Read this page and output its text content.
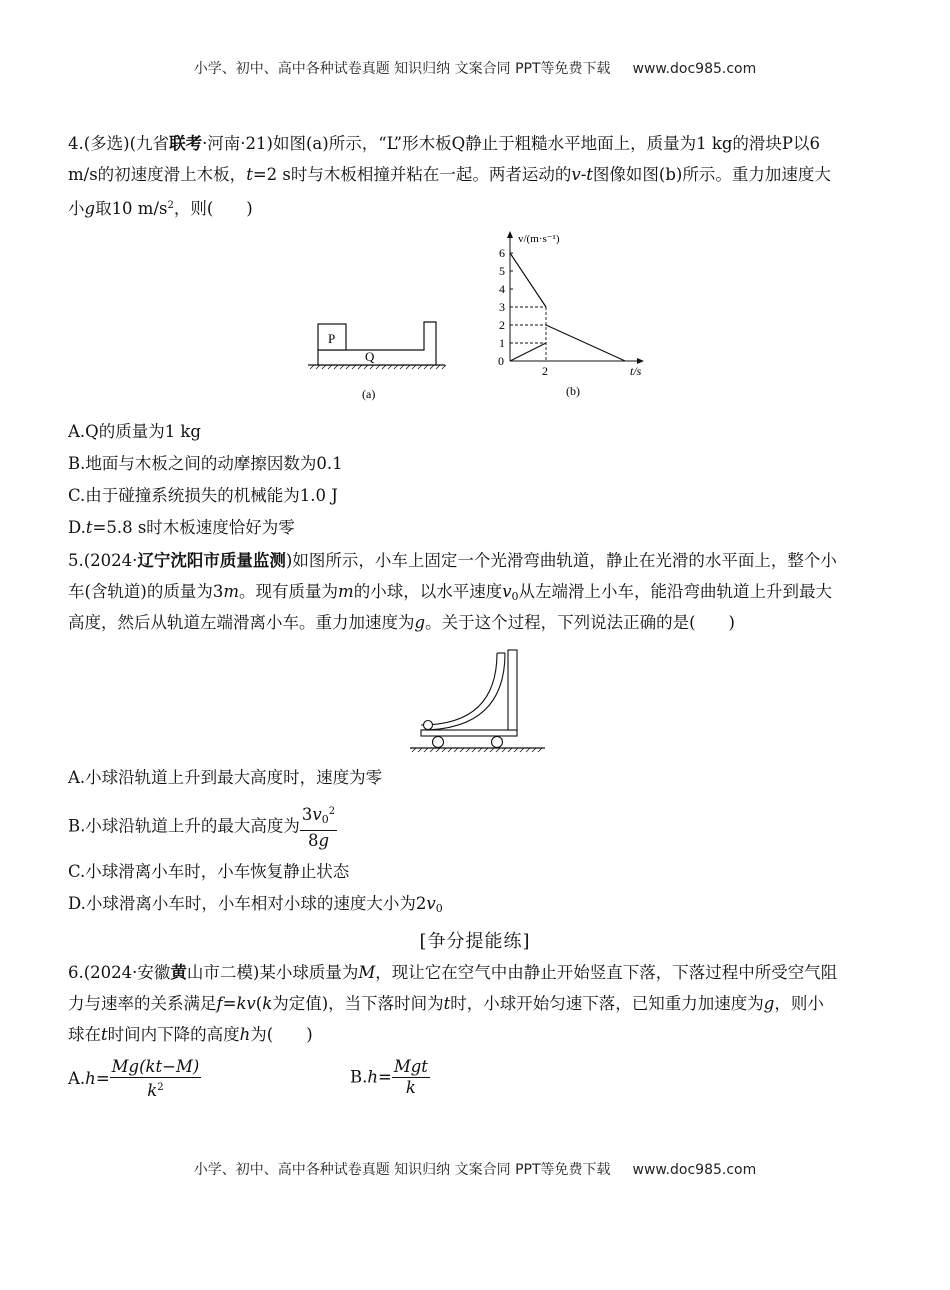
小学、初中、高中各种试卷真题 知识归纳 文案合同 PPT等免费下载 www.doc985.com
4.(多选)(九省联考·河南·21)如图(a)所示，“L”形木板Q静止于粗糙水平地面上，质量为1 kg的滑块P以6
m/s的初速度滑上木板，t=2 s时与木板相撞并粘在一起。两者运动的v-t图像如图(b)所示。重力加速度大
小g取10 $m/s^2$，则(　　)
P
Q
(a)
v/(m·s⁻¹)
t/s
0
1
2
3
4
5
6
2
(b)
A.Q的质量为1 kg
B.地面与木板之间的动摩擦因数为0.1
C.由于碰撞系统损失的机械能为1.0 J
D.t=5.8 s时木板速度恰好为零
5.(2024·辽宁沈阳市质量监测)如图所示，小车上固定一个光滑弯曲轨道，静止在光滑的水平面上，整个小
车(含轨道)的质量为3m。现有质量为m的小球，以水平速度$v_0$从左端滑上小车，能沿弯曲轨道上升到最大
高度，然后从轨道左端滑离小车。重力加速度为g。关于这个过程，下列说法正确的是(　　)
A.小球沿轨道上升到最大高度时，速度为零
B.小球沿轨道上升的最大高度为 $\frac{3v_0^2}{8g}$
C.小球滑离小车时，小车恢复静止状态
D.小球滑离小车时，小车相对小球的速度大小为$2v_0$
[争分提能练]
6.(2024·安徽黄山市二模)某小球质量为M，现让它在空气中由静止开始竖直下落，下落过程中所受空气阻
力与速率的关系满足f=kv(k为定值)，当下落时间为t时，小球开始匀速下落，已知重力加速度为g，则小
球在t时间内下降的高度h为(　　)
$A.h= \frac{Mg(kt-M)}{k^2}$	$B.h= \frac{\text{Mgt}}{k}$
小学、初中、高中各种试卷真题 知识归纳 文案合同 PPT等免费下载 www.doc985.com
